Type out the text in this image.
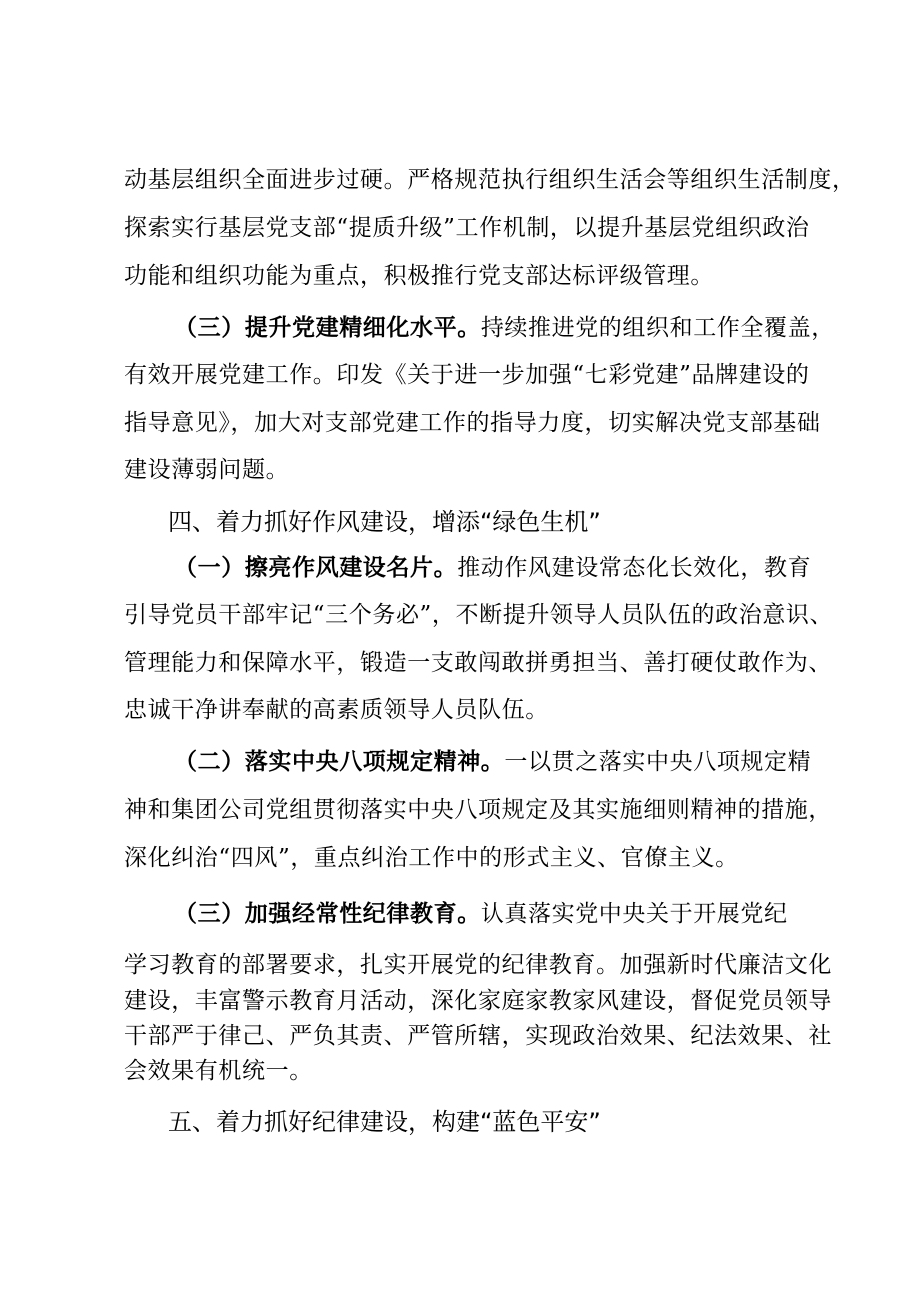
动基层组织全面进步过硬。严格规范执行组织生活会等组织生活制度，
探索实行基层党支部“提质升级”工作机制，以提升基层党组织政治
功能和组织功能为重点，积极推行党支部达标评级管理。
（三）提升党建精细化水平。持续推进党的组织和工作全覆盖，
有效开展党建工作。印发《关于进一步加强“七彩党建”品牌建设的
指导意见》，加大对支部党建工作的指导力度，切实解决党支部基础
建设薄弱问题。
四、着力抓好作风建设，增添“绿色生机”
（一）擦亮作风建设名片。推动作风建设常态化长效化，教育
引导党员干部牢记“三个务必”，不断提升领导人员队伍的政治意识、
管理能力和保障水平，锻造一支敢闯敢拼勇担当、善打硬仗敢作为、
忠诚干净讲奉献的高素质领导人员队伍。
（二）落实中央八项规定精神。一以贯之落实中央八项规定精
神和集团公司党组贯彻落实中央八项规定及其实施细则精神的措施，
深化纠治“四风”，重点纠治工作中的形式主义、官僚主义。
（三）加强经常性纪律教育。认真落实党中央关于开展党纪
学习教育的部署要求，扎实开展党的纪律教育。加强新时代廉洁文化
建设，丰富警示教育月活动，深化家庭家教家风建设，督促党员领导
干部严于律己、严负其责、严管所辖，实现政治效果、纪法效果、社
会效果有机统一。
五、着力抓好纪律建设，构建“蓝色平安”
